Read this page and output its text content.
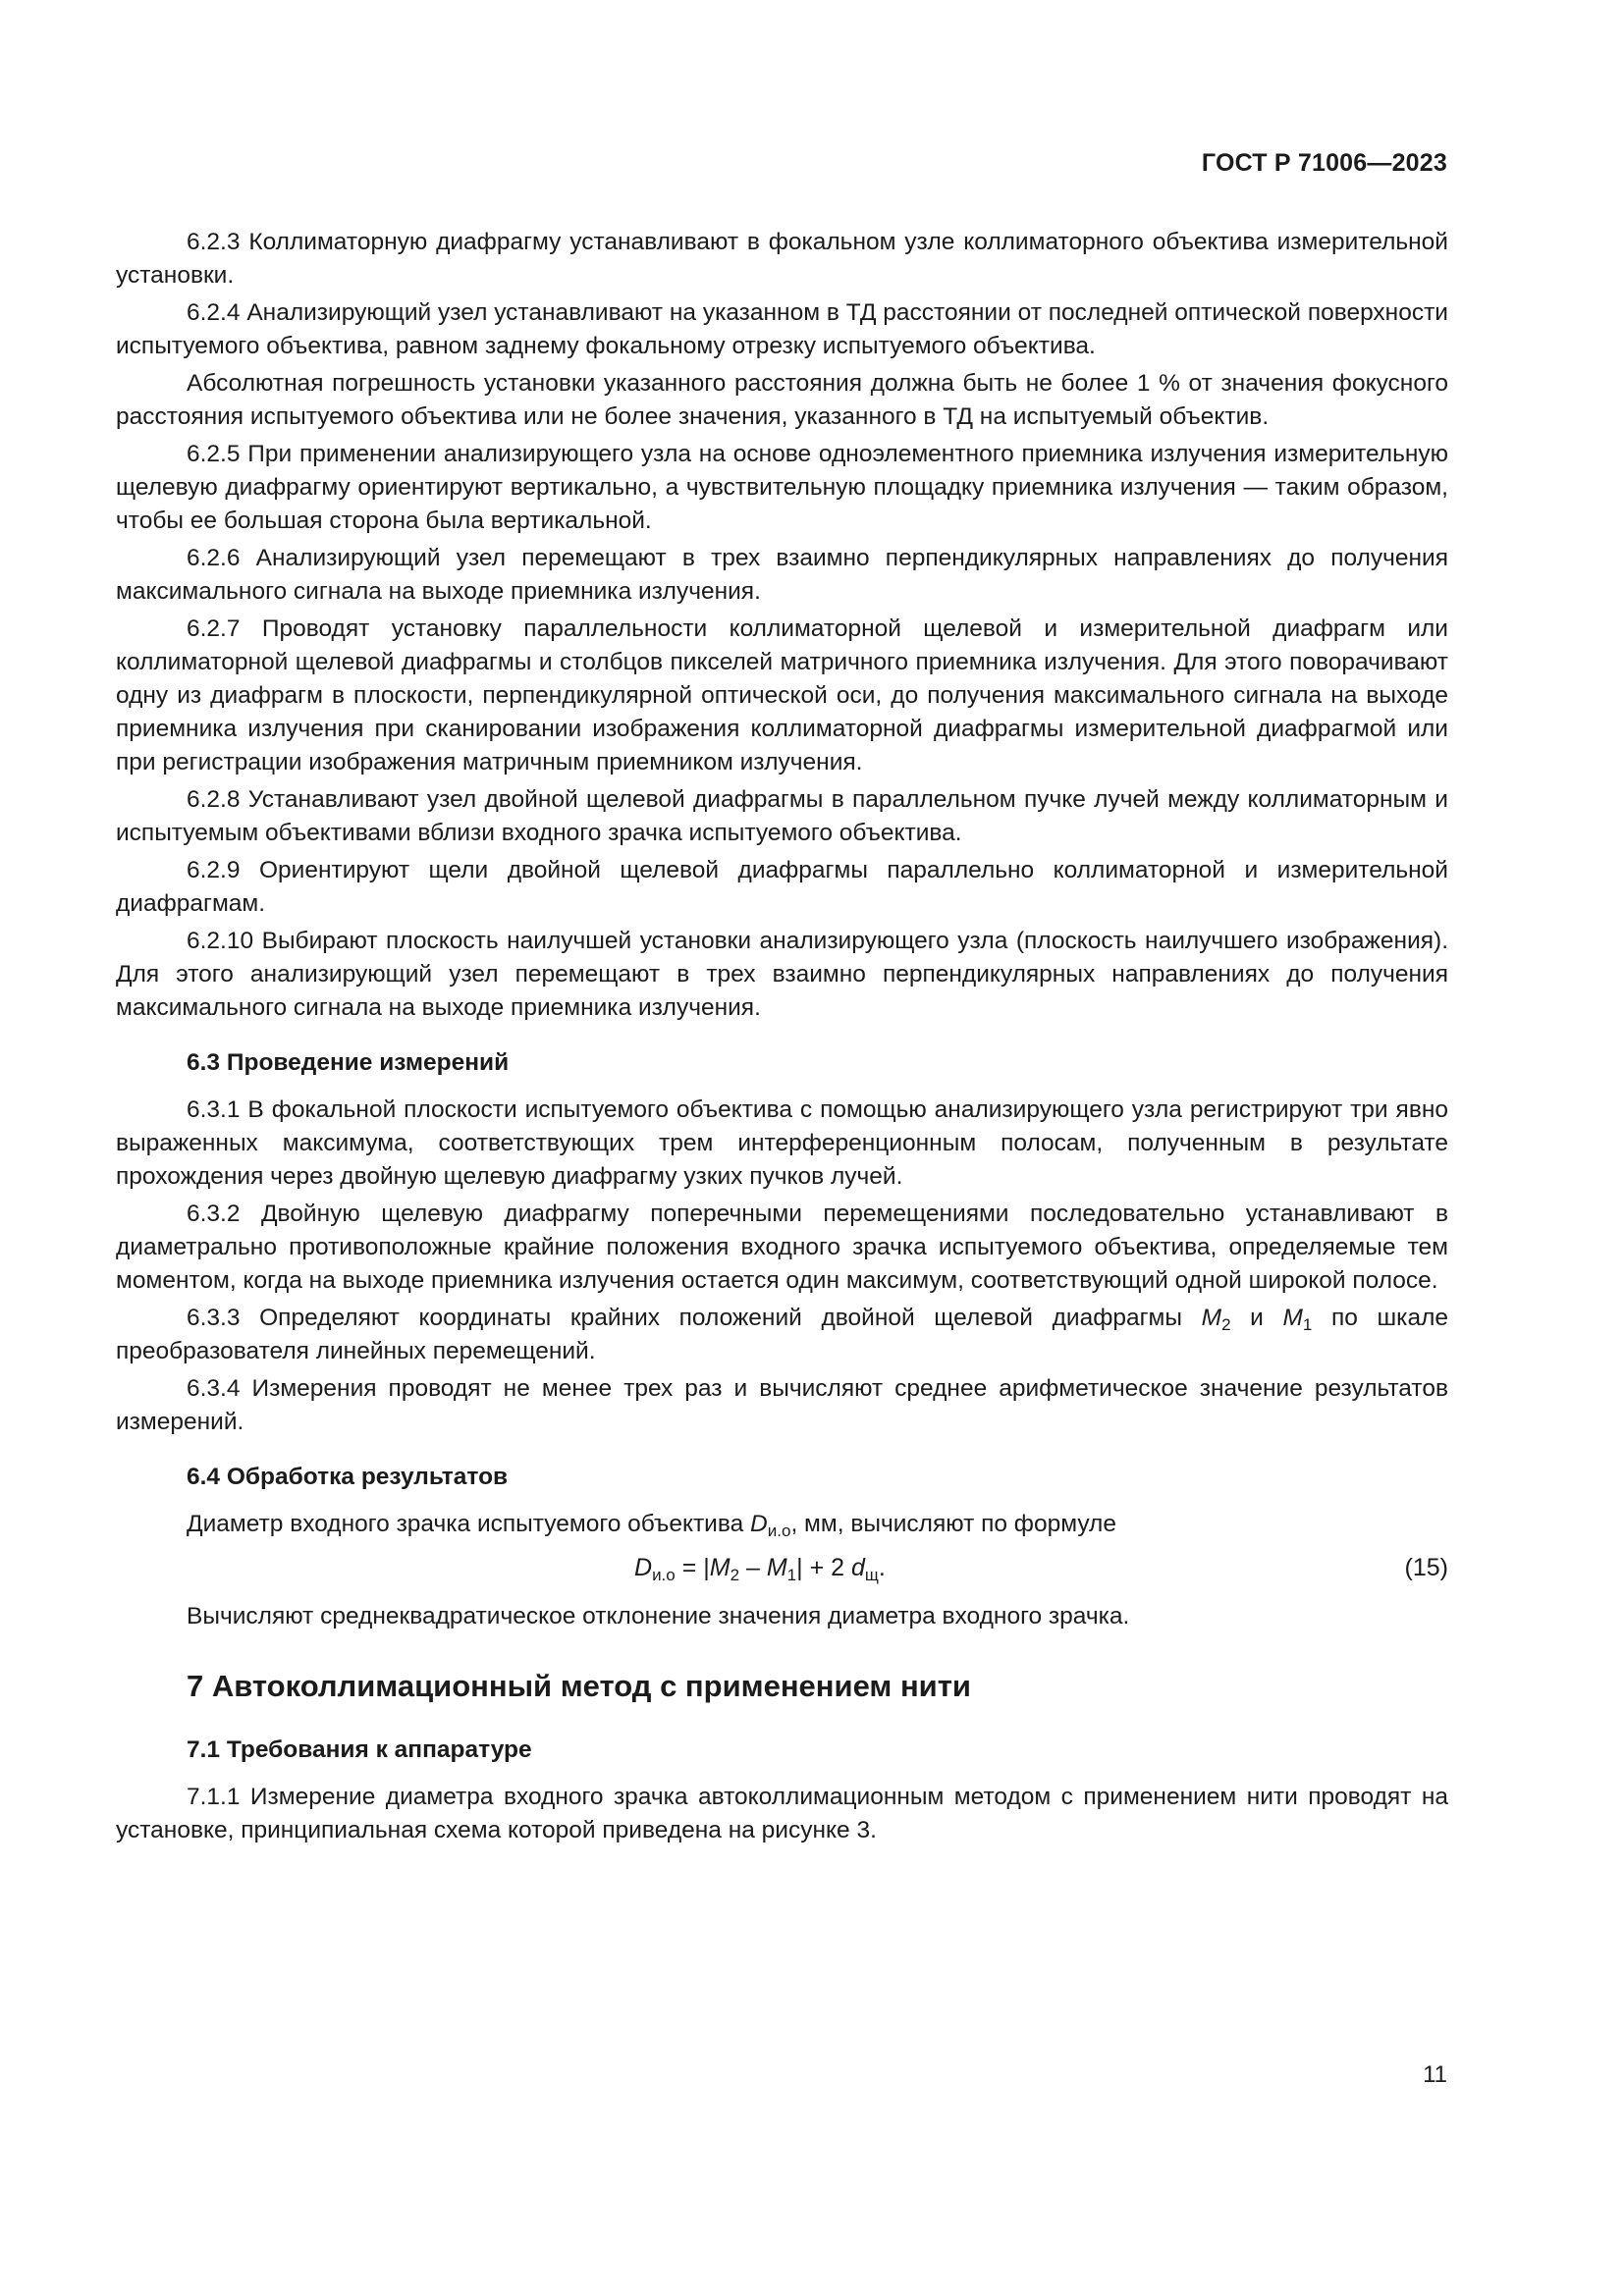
ГОСТ Р 71006—2023

6.2.3 Коллиматорную диафрагму устанавливают в фокальном узле коллиматорного объектива измерительной установки.

6.2.4 Анализирующий узел устанавливают на указанном в ТД расстоянии от последней оптической поверхности испытуемого объектива, равном заднему фокальному отрезку испытуемого объектива.

Абсолютная погрешность установки указанного расстояния должна быть не более 1 % от значения фокусного расстояния испытуемого объектива или не более значения, указанного в ТД на испытуемый объектив.

6.2.5 При применении анализирующего узла на основе одноэлементного приемника излучения измерительную щелевую диафрагму ориентируют вертикально, а чувствительную площадку приемника излучения — таким образом, чтобы ее большая сторона была вертикальной.

6.2.6 Анализирующий узел перемещают в трех взаимно перпендикулярных направлениях до получения максимального сигнала на выходе приемника излучения.

6.2.7 Проводят установку параллельности коллиматорной щелевой и измерительной диафрагм или коллиматорной щелевой диафрагмы и столбцов пикселей матричного приемника излучения. Для этого поворачивают одну из диафрагм в плоскости, перпендикулярной оптической оси, до получения максимального сигнала на выходе приемника излучения при сканировании изображения коллиматорной диафрагмы измерительной диафрагмой или при регистрации изображения матричным приемником излучения.

6.2.8 Устанавливают узел двойной щелевой диафрагмы в параллельном пучке лучей между коллиматорным и испытуемым объективами вблизи входного зрачка испытуемого объектива.

6.2.9 Ориентируют щели двойной щелевой диафрагмы параллельно коллиматорной и измерительной диафрагмам.

6.2.10 Выбирают плоскость наилучшей установки анализирующего узла (плоскость наилучшего изображения). Для этого анализирующий узел перемещают в трех взаимно перпендикулярных направлениях до получения максимального сигнала на выходе приемника излучения.

6.3 Проведение измерений

6.3.1 В фокальной плоскости испытуемого объектива с помощью анализирующего узла регистрируют три явно выраженных максимума, соответствующих трем интерференционным полосам, полученным в результате прохождения через двойную щелевую диафрагму узких пучков лучей.

6.3.2 Двойную щелевую диафрагму поперечными перемещениями последовательно устанавливают в диаметрально противоположные крайние положения входного зрачка испытуемого объектива, определяемые тем моментом, когда на выходе приемника излучения остается один максимум, соответствующий одной широкой полосе.

6.3.3 Определяют координаты крайних положений двойной щелевой диафрагмы $M_2$ и $M_1$ по шкале преобразователя линейных перемещений.

6.3.4 Измерения проводят не менее трех раз и вычисляют среднее арифметическое значение результатов измерений.

6.4 Обработка результатов

Диаметр входного зрачка испытуемого объектива $D_{и.о}$, мм, вычисляют по формуле

$D_{и.о} = |M_2 - M_1| + 2$ $d_щ$.	(15)

Вычисляют среднеквадратическое отклонение значения диаметра входного зрачка.

7 Автоколлимационный метод с применением нити
7.1 Требования к аппаратуре

7.1.1 Измерение диаметра входного зрачка автоколлимационным методом с применением нити проводят на установке, принципиальная схема которой приведена на рисунке 3.

11
